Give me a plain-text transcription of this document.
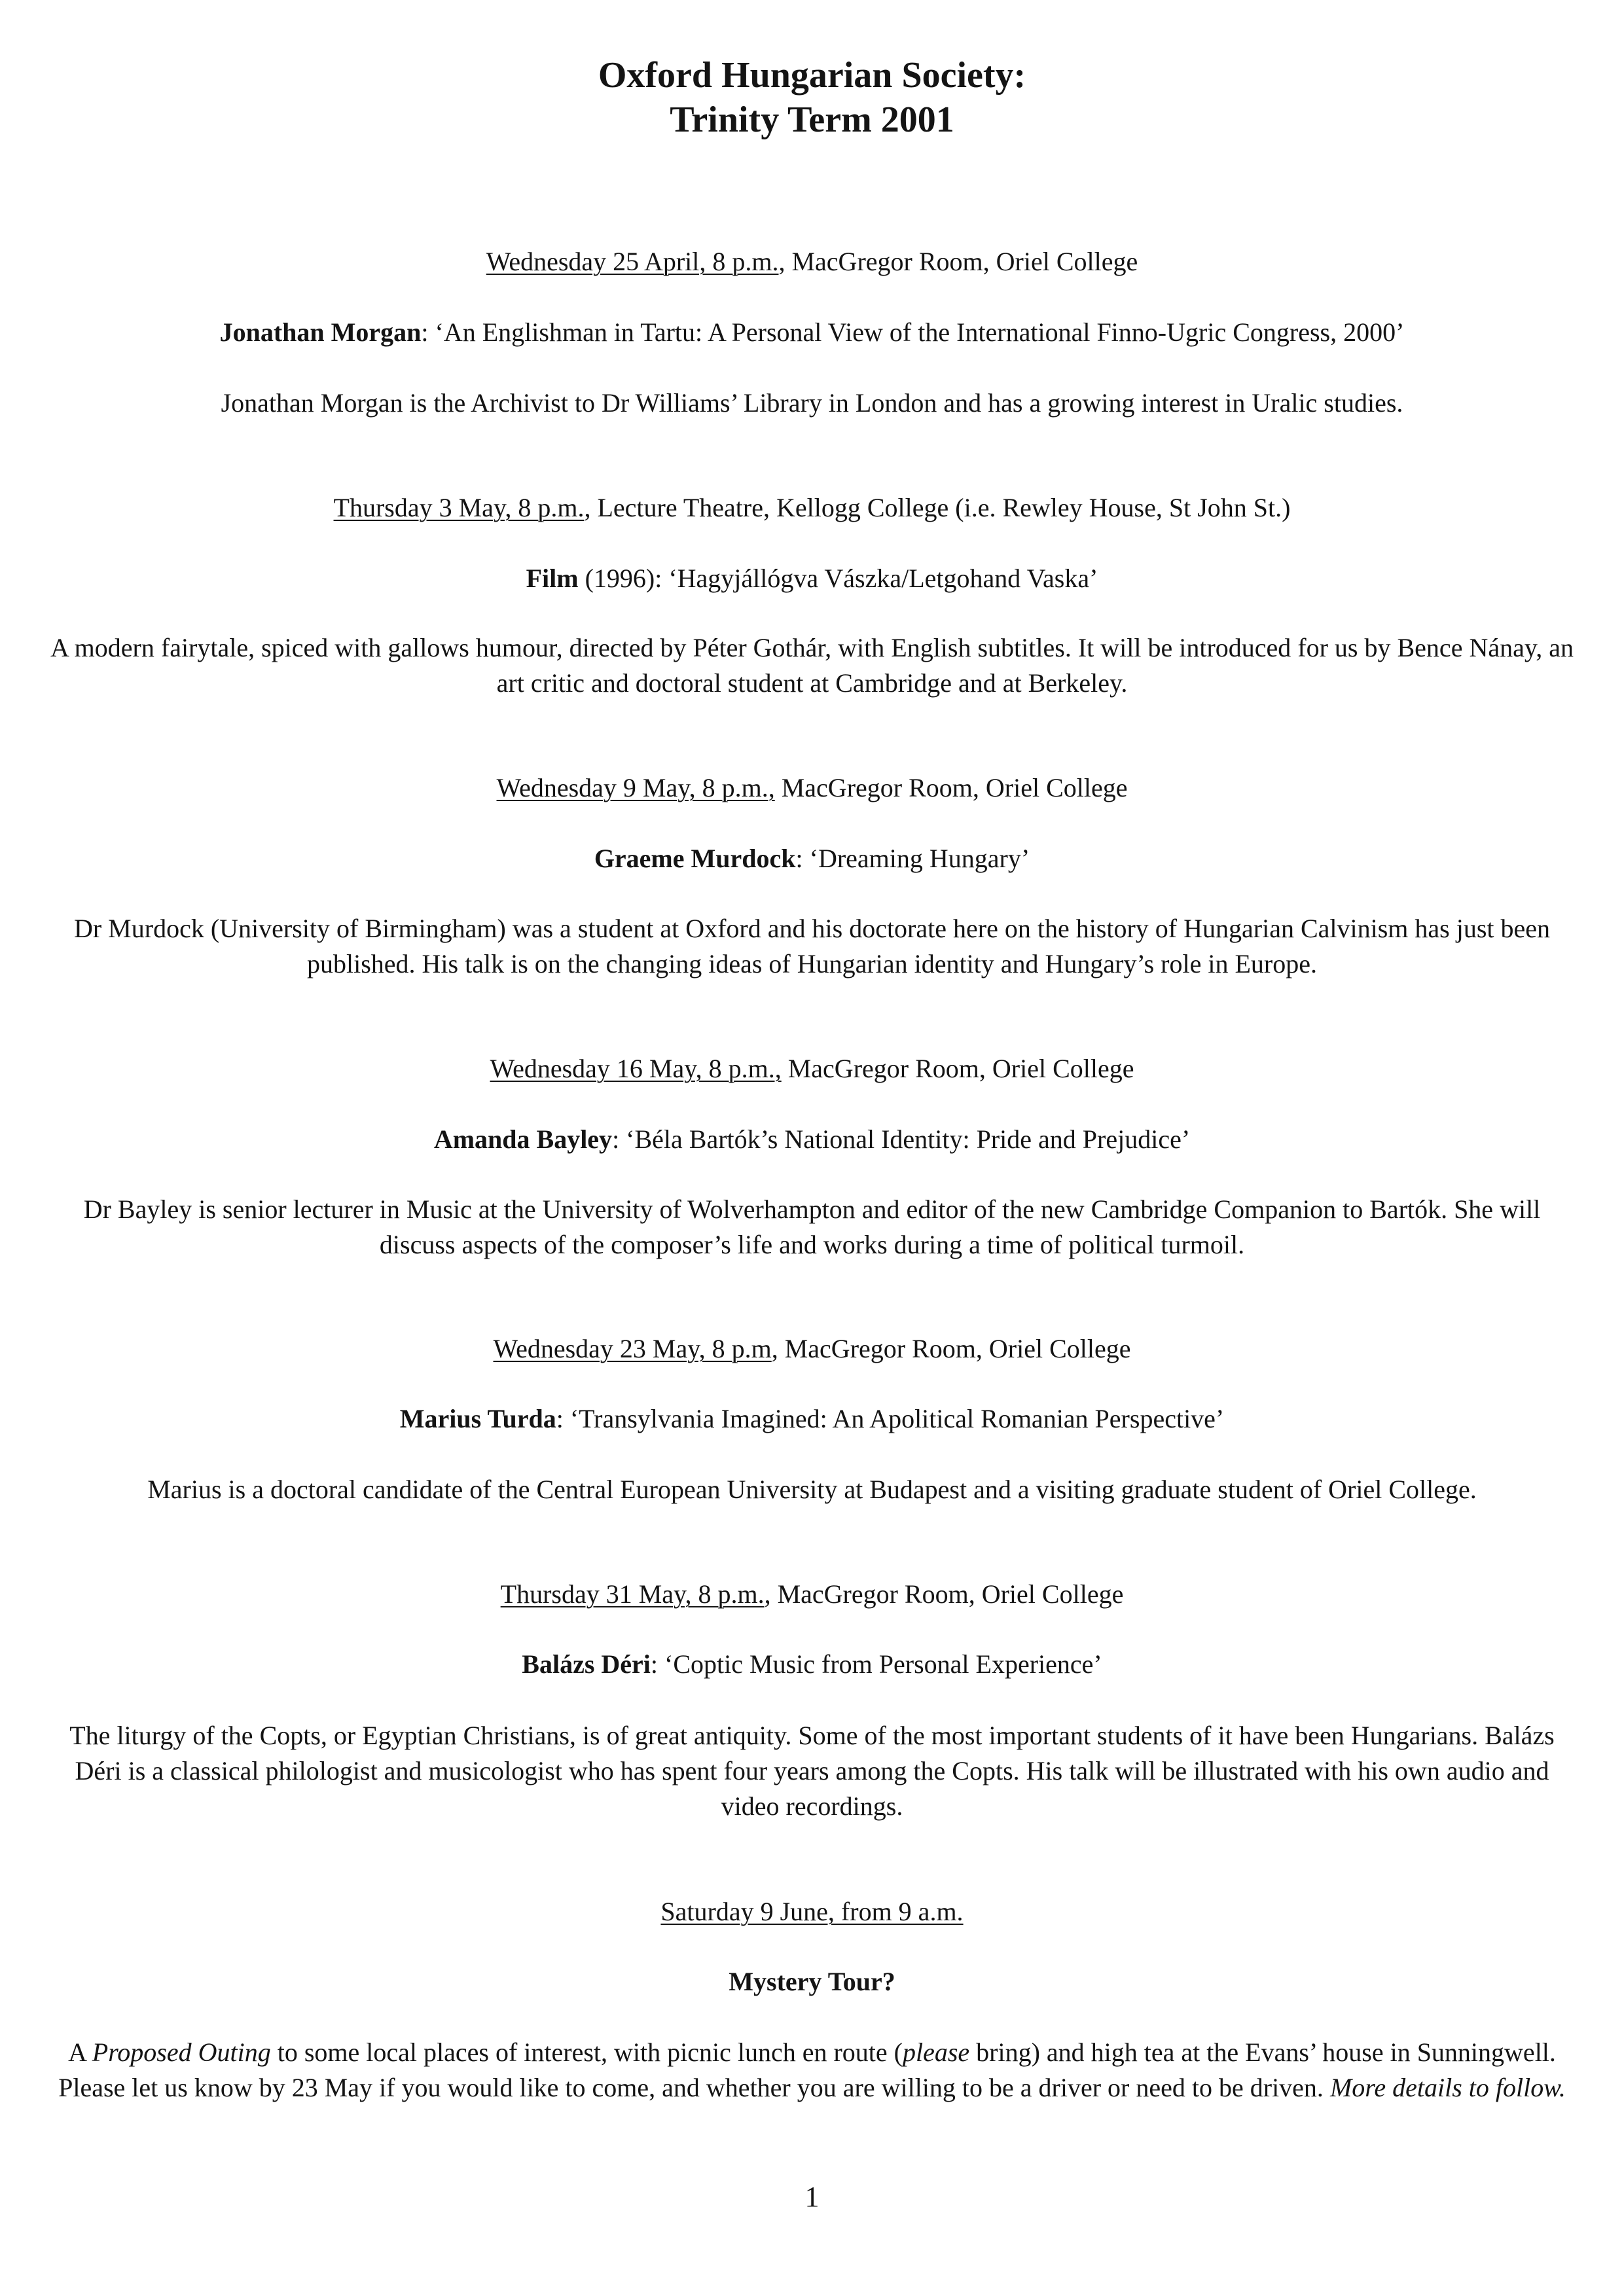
Oxford Hungarian Society:
Trinity Term 2001
Wednesday 25 April, 8 p.m., MacGregor Room, Oriel College
Jonathan Morgan: ‘An Englishman in Tartu: A Personal View of the International Finno-Ugric Congress, 2000’
Jonathan Morgan is the Archivist to Dr Williams’ Library in London and has a growing interest in Uralic studies.
Thursday 3 May, 8 p.m., Lecture Theatre, Kellogg College (i.e. Rewley House, St John St.)
Film (1996): ‘Hagyjállógva Vászka/Letgohand Vaska’
A modern fairytale, spiced with gallows humour, directed by Péter Gothár, with English subtitles. It will be introduced for us by Bence Nánay, an art critic and doctoral student at Cambridge and at Berkeley.
Wednesday 9 May, 8 p.m., MacGregor Room, Oriel College
Graeme Murdock: ‘Dreaming Hungary’
Dr Murdock (University of Birmingham) was a student at Oxford and his doctorate here on the history of Hungarian Calvinism has just been published. His talk is on the changing ideas of Hungarian identity and Hungary’s role in Europe.
Wednesday 16 May, 8 p.m., MacGregor Room, Oriel College
Amanda Bayley: ‘Béla Bartók’s National Identity: Pride and Prejudice’
Dr Bayley is senior lecturer in Music at the University of Wolverhampton and editor of the new Cambridge Companion to Bartók. She will discuss aspects of the composer’s life and works during a time of political turmoil.
Wednesday 23 May, 8 p.m, MacGregor Room, Oriel College
Marius Turda: ‘Transylvania Imagined: An Apolitical Romanian Perspective’
Marius is a doctoral candidate of the Central European University at Budapest and a visiting graduate student of Oriel College.
Thursday 31 May, 8 p.m., MacGregor Room, Oriel College
Balázs Déri: ‘Coptic Music from Personal Experience’
The liturgy of the Copts, or Egyptian Christians, is of great antiquity. Some of the most important students of it have been Hungarians. Balázs Déri is a classical philologist and musicologist who has spent four years among the Copts. His talk will be illustrated with his own audio and video recordings.
Saturday 9 June, from 9 a.m.
Mystery Tour?
A Proposed Outing to some local places of interest, with picnic lunch en route (please bring) and high tea at the Evans’ house in Sunningwell. Please let us know by 23 May if you would like to come, and whether you are willing to be a driver or need to be driven. More details to follow.
1
